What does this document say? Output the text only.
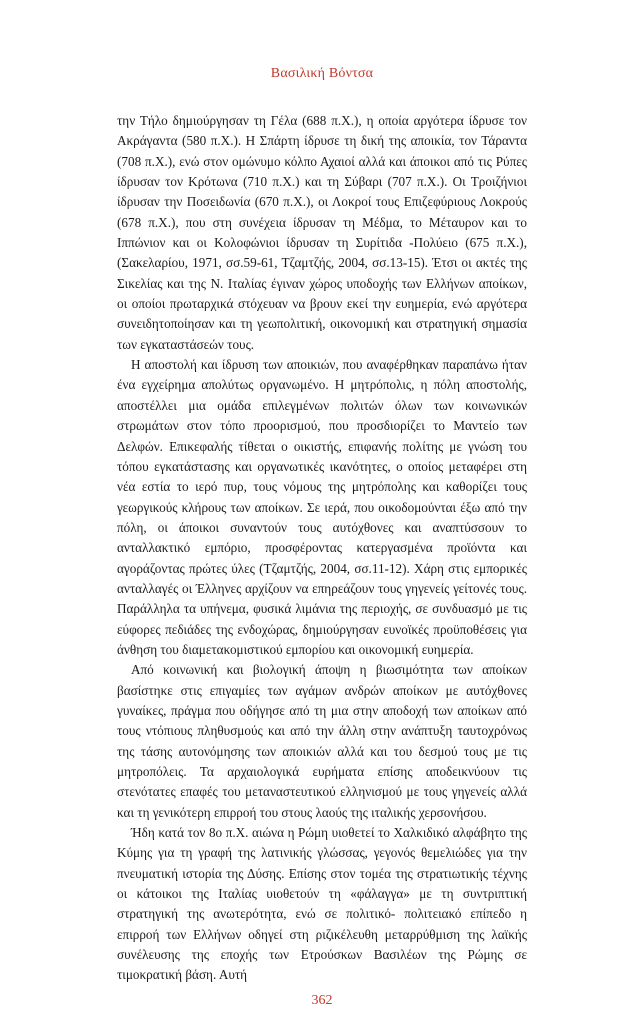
Βασιλική Βόντσα

την Τήλο δημιούργησαν τη Γέλα (688 π.Χ.), η οποία αργότερα ίδρυσε τον Ακράγαντα (580 π.Χ.). Η Σπάρτη ίδρυσε τη δική της αποικία, τον Τάραντα (708 π.Χ.), ενώ στον ομώνυμο κόλπο Αχαιοί αλλά και άποικοι από τις Ρύπες ίδρυσαν τον Κρότωνα (710 π.Χ.) και τη Σύβαρι (707 π.Χ.). Οι Τροιζήνιοι ίδρυσαν την Ποσειδωνία (670 π.Χ.), οι Λοκροί τους Επιζεφύριους Λοκρούς (678 π.Χ.), που στη συνέχεια ίδρυσαν τη Μέδμα, το Μέταυρον και το Ιππώνιον και οι Κολοφώνιοι ίδρυσαν τη Συρίτιδα -Πολύειο (675 π.Χ.), (Σακελαρίου, 1971, σσ.59-61, Τζαμτζής, 2004, σσ.13-15). Έτσι οι ακτές της Σικελίας και της Ν. Ιταλίας έγιναν χώρος υποδοχής των Ελλήνων αποίκων, οι οποίοι πρωταρχικά στόχευαν να βρουν εκεί την ευημερία, ενώ αργότερα συνειδητοποίησαν και τη γεωπολιτική, οικονομική και στρατηγική σημασία των εγκαταστάσεών τους.

Η αποστολή και ίδρυση των αποικιών, που αναφέρθηκαν παραπάνω ήταν ένα εγχείρημα απολύτως οργανωμένο. Η μητρόπολις, η πόλη αποστολής, αποστέλλει μια ομάδα επιλεγμένων πολιτών όλων των κοινωνικών στρωμάτων στον τόπο προορισμού, που προσδιορίζει το Μαντείο των Δελφών. Επικεφαλής τίθεται ο οικιστής, επιφανής πολίτης με γνώση του τόπου εγκατάστασης και οργανωτικές ικανότητες, ο οποίος μεταφέρει στη νέα εστία το ιερό πυρ, τους νόμους της μητρόπολης και καθορίζει τους γεωργικούς κλήρους των αποίκων. Σε ιερά, που οικοδομούνται έξω από την πόλη, οι άποικοι συναντούν τους αυτόχθονες και αναπτύσσουν το ανταλλακτικό εμπόριο, προσφέροντας κατεργασμένα προϊόντα και αγοράζοντας πρώτες ύλες (Τζαμτζής, 2004, σσ.11-12). Χάρη στις εμπορικές ανταλλαγές οι Έλληνες αρχίζουν να επηρεάζουν τους γηγενείς γείτονές τους. Παράλληλα τα υπήνεμα, φυσικά λιμάνια της περιοχής, σε συνδυασμό με τις εύφορες πεδιάδες της ενδοχώρας, δημιούργησαν ευνοϊκές προϋποθέσεις για άνθηση του διαμετακομιστικού εμπορίου και οικονομική ευημερία.

Από κοινωνική και βιολογική άποψη η βιωσιμότητα των αποίκων βασίστηκε στις επιγαμίες των αγάμων ανδρών αποίκων με αυτόχθονες γυναίκες, πράγμα που οδήγησε από τη μια στην αποδοχή των αποίκων από τους ντόπιους πληθυσμούς και από την άλλη στην ανάπτυξη ταυτοχρόνως της τάσης αυτονόμησης των αποικιών αλλά και του δεσμού τους με τις μητροπόλεις. Τα αρχαιολογικά ευρήματα επίσης αποδεικνύουν τις στενότατες επαφές του μεταναστευτικού ελληνισμού με τους γηγενείς αλλά και τη γενικότερη επιρροή του στους λαούς της ιταλικής χερσονήσου.

Ήδη κατά τον 8ο π.Χ. αιώνα η Ρώμη υιοθετεί το Χαλκιδικό αλφάβητο της Κύμης για τη γραφή της λατινικής γλώσσας, γεγονός θεμελιώδες για την πνευματική ιστορία της Δύσης. Επίσης στον τομέα της στρατιωτικής τέχνης οι κάτοικοι της Ιταλίας υιοθετούν τη «φάλαγγα» με τη συντριπτική στρατηγική της ανωτερότητα, ενώ σε πολιτικό- πολιτειακό επίπεδο η επιρροή των Ελλήνων οδηγεί στη ριζικέλευθη μεταρρύθμιση της λαϊκής συνέλευσης της εποχής των Ετρούσκων Βασιλέων της Ρώμης σε τιμοκρατική βάση. Αυτή

362
